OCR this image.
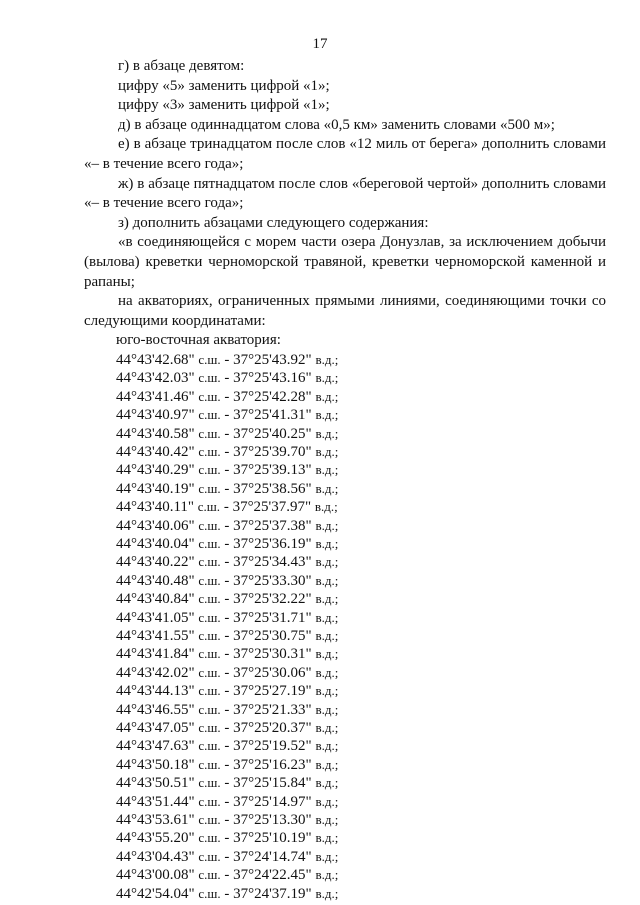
17

г) в абзаце девятом:

цифру «5» заменить цифрой «1»;

цифру «3» заменить цифрой «1»;

д) в абзаце одиннадцатом слова «0,5 км» заменить словами «500 м»;

е) в абзаце тринадцатом после слов «12 миль от берега» дополнить словами «– в течение всего года»;

ж) в абзаце пятнадцатом после слов «береговой чертой» дополнить словами «– в течение всего года»;

з) дополнить абзацами следующего содержания:

«в соединяющейся с морем части озера Донузлав, за исключением добычи (вылова) креветки черноморской травяной, креветки черноморской каменной и рапаны;

на акваториях, ограниченных прямыми линиями, соединяющими точки со следующими координатами:

юго-восточная акватория:

44°43'42.68" с.ш. - 37°25'43.92" в.д.;
44°43'42.03" с.ш. - 37°25'43.16" в.д.;
44°43'41.46" с.ш. - 37°25'42.28" в.д.;
44°43'40.97" с.ш. - 37°25'41.31" в.д.;
44°43'40.58" с.ш. - 37°25'40.25" в.д.;
44°43'40.42" с.ш. - 37°25'39.70" в.д.;
44°43'40.29" с.ш. - 37°25'39.13" в.д.;
44°43'40.19" с.ш. - 37°25'38.56" в.д.;
44°43'40.11" с.ш. - 37°25'37.97" в.д.;
44°43'40.06" с.ш. - 37°25'37.38" в.д.;
44°43'40.04" с.ш. - 37°25'36.19" в.д.;
44°43'40.22" с.ш. - 37°25'34.43" в.д.;
44°43'40.48" с.ш. - 37°25'33.30" в.д.;
44°43'40.84" с.ш. - 37°25'32.22" в.д.;
44°43'41.05" с.ш. - 37°25'31.71" в.д.;
44°43'41.55" с.ш. - 37°25'30.75" в.д.;
44°43'41.84" с.ш. - 37°25'30.31" в.д.;
44°43'42.02" с.ш. - 37°25'30.06" в.д.;
44°43'44.13" с.ш. - 37°25'27.19" в.д.;
44°43'46.55" с.ш. - 37°25'21.33" в.д.;
44°43'47.05" с.ш. - 37°25'20.37" в.д.;
44°43'47.63" с.ш. - 37°25'19.52" в.д.;
44°43'50.18" с.ш. - 37°25'16.23" в.д.;
44°43'50.51" с.ш. - 37°25'15.84" в.д.;
44°43'51.44" с.ш. - 37°25'14.97" в.д.;
44°43'53.61" с.ш. - 37°25'13.30" в.д.;
44°43'55.20" с.ш. - 37°25'10.19" в.д.;
44°43'04.43" с.ш. - 37°24'14.74" в.д.;
44°43'00.08" с.ш. - 37°24'22.45" в.д.;
44°42'54.04" с.ш. - 37°24'37.19" в.д.;
